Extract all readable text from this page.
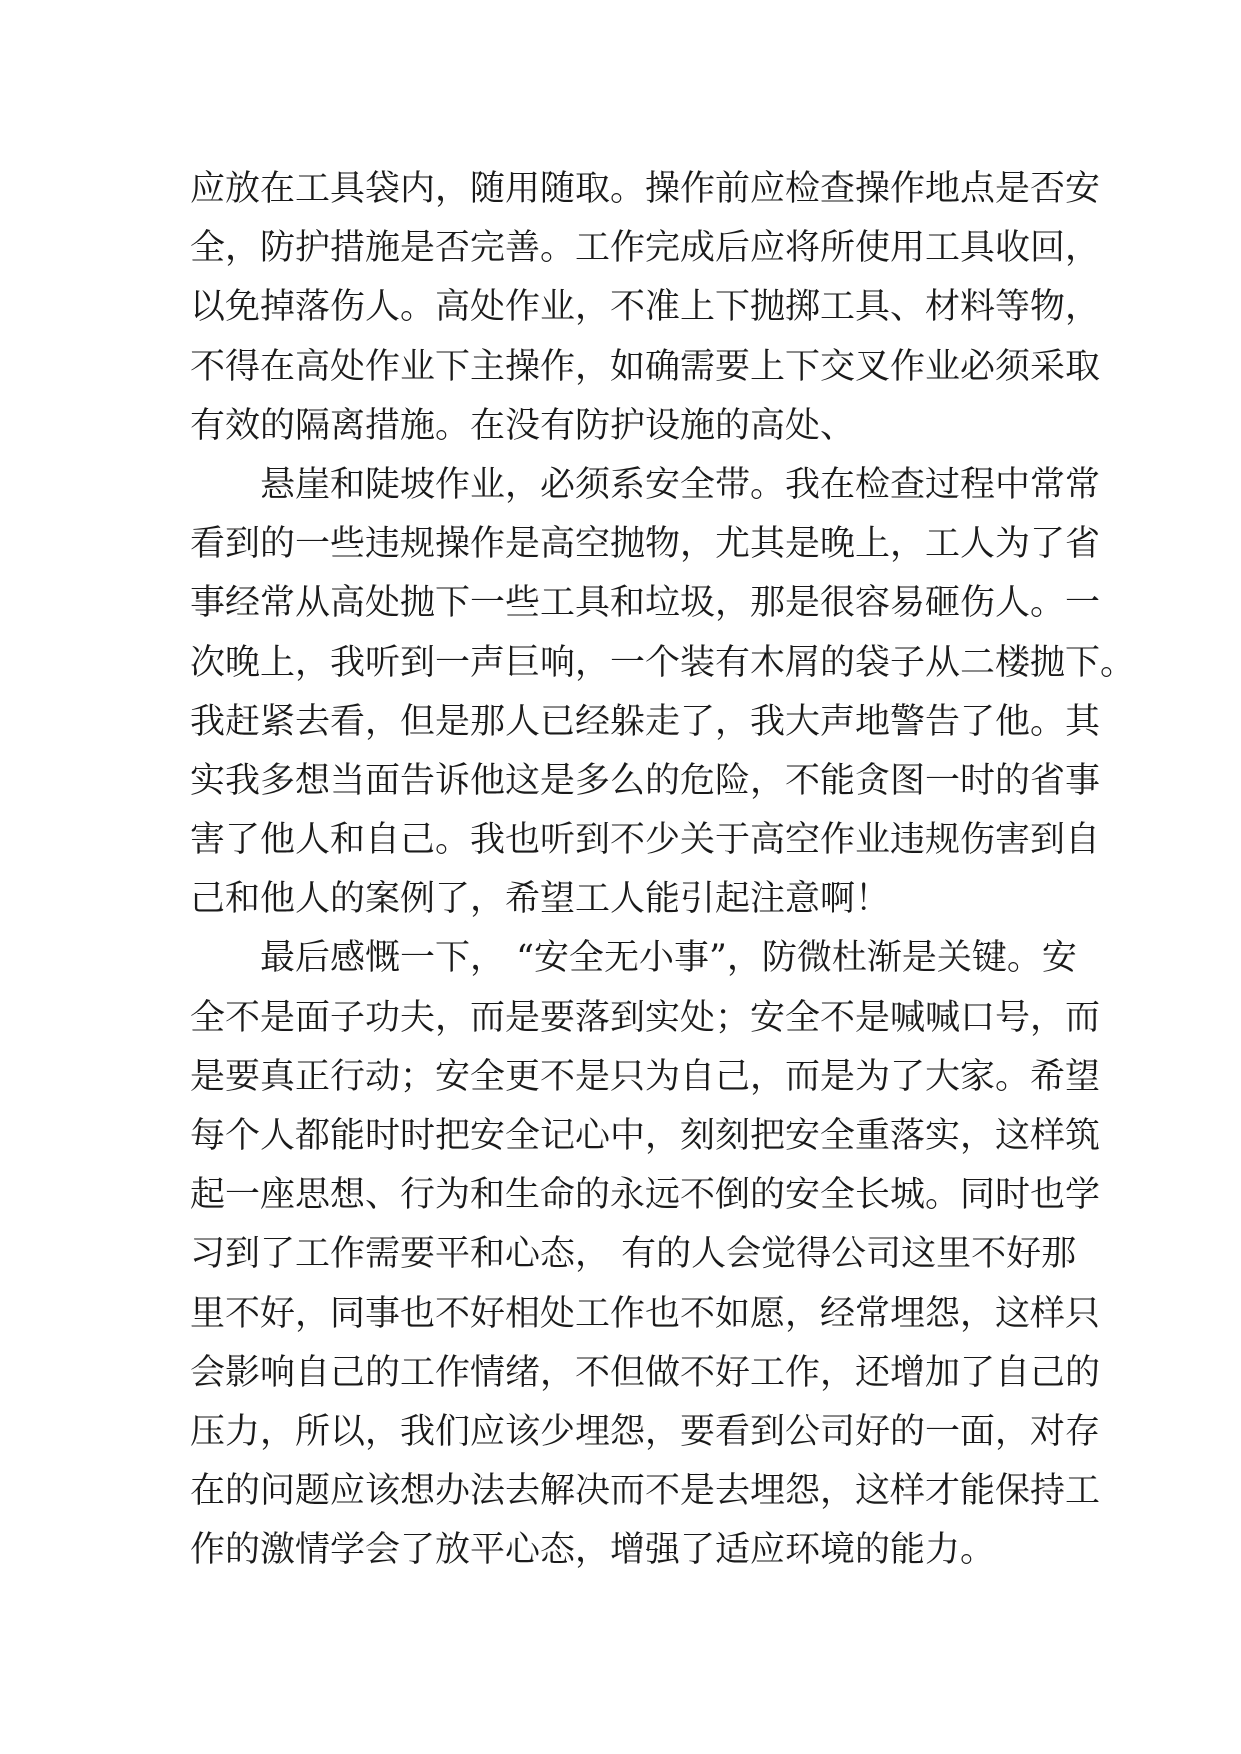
应放在工具袋内，随用随取。操作前应检查操作地点是否安
全，防护措施是否完善。工作完成后应将所使用工具收回，
以免掉落伤人。高处作业，不准上下抛掷工具、材料等物，
不得在高处作业下主操作，如确需要上下交叉作业必须采取
有效的隔离措施。在没有防护设施的高处、
悬崖和陡坡作业，必须系安全带。我在检查过程中常常
看到的一些违规操作是高空抛物，尤其是晚上，工人为了省
事经常从高处抛下一些工具和垃圾，那是很容易砸伤人。一
次晚上，我听到一声巨响，一个装有木屑的袋子从二楼抛下。
我赶紧去看，但是那人已经躲走了，我大声地警告了他。其
实我多想当面告诉他这是多么的危险，不能贪图一时的省事
害了他人和自己。我也听到不少关于高空作业违规伤害到自
己和他人的案例了，希望工人能引起注意啊！
最后感慨一下， “安全无小事”，防微杜渐是关键。安
全不是面子功夫，而是要落到实处；安全不是喊喊口号，而
是要真正行动；安全更不是只为自己，而是为了大家。希望
每个人都能时时把安全记心中，刻刻把安全重落实，这样筑
起一座思想、行为和生命的永远不倒的安全长城。同时也学
习到了工作需要平和心态， 有的人会觉得公司这里不好那
里不好，同事也不好相处工作也不如愿，经常埋怨，这样只
会影响自己的工作情绪，不但做不好工作，还增加了自己的
压力，所以，我们应该少埋怨，要看到公司好的一面，对存
在的问题应该想办法去解决而不是去埋怨，这样才能保持工
作的激情学会了放平心态，增强了适应环境的能力。
